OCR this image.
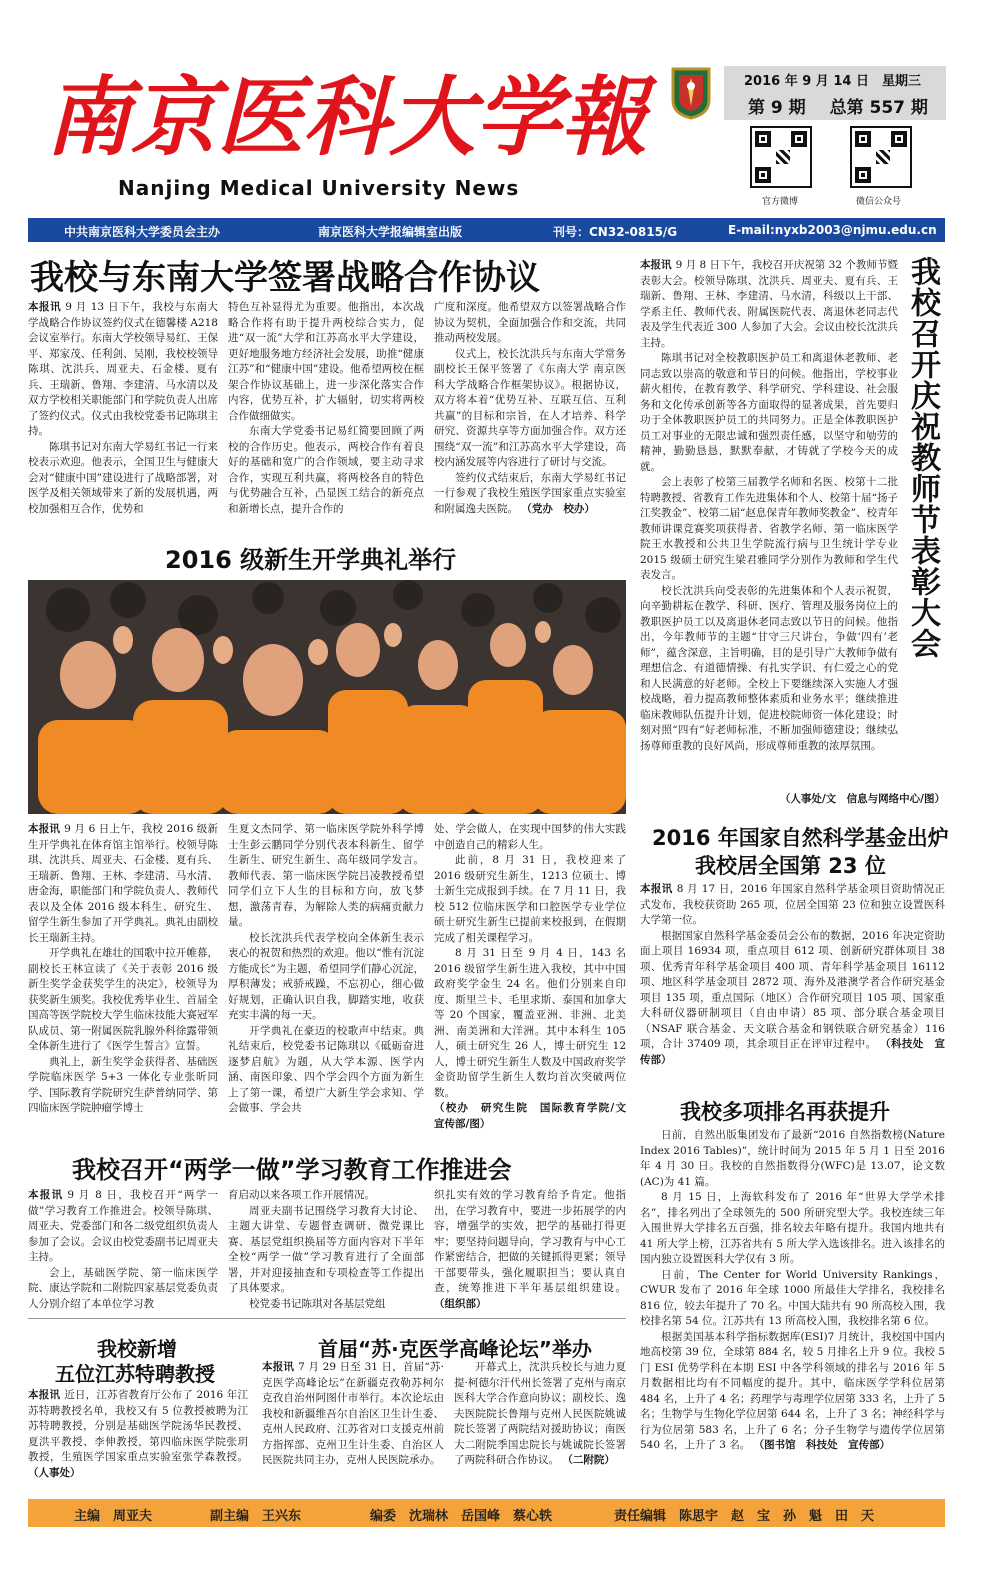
南京医科大学報
Nanjing Medical University News
2016 年 9 月 14 日　星期三
第 9 期 总第 557 期
官方微博	微信公众号
中共南京医科大学委员会主办	南京医科大学报编辑室出版	刊号：CN32-0815/G	E-mail:nyxb2003@njmu.edu.cn
我校与东南大学签署战略合作协议

本报讯 9 月 13 日下午，我校与东南大学战略合作协议签约仪式在德馨楼 A218 会议室举行。东南大学校领导易红、王保平、郑家茂、任利剑、吴刚，我校校领导陈琪、沈洪兵、周亚夫、石金楼、夏有兵、王瑞新、鲁翔、李建清、马水清以及双方学校相关职能部门和学院负责人出席了签约仪式。仪式由我校党委书记陈琪主持。

陈琪书记对东南大学易红书记一行来校表示欢迎。他表示，全国卫生与健康大会对“健康中国”建设进行了战略部署，对医学及相关领域带来了新的发展机遇，两校加强相互合作，优势和

特色互补显得尤为重要。他指出，本次战略合作将有助于提升两校综合实力，促进“双一流”大学和江苏高水平大学建设，更好地服务地方经济社会发展，助推“健康江苏”和“健康中国”建设。他希望两校在框架合作协议基础上，进一步深化落实合作内容，优势互补，扩大辐射，切实将两校合作做细做实。

东南大学党委书记易红简要回顾了两校的合作历史。他表示，两校合作有着良好的基础和宽广的合作领域，要主动寻求合作，实现互利共赢，将两校各自的特色与优势融合互补，凸显医工结合的新亮点和新增长点，提升合作的

广度和深度。他希望双方以签署战略合作协议为契机，全面加强合作和交流，共同推动两校发展。

仪式上，校长沈洪兵与东南大学常务副校长王保平签署了《东南大学 南京医科大学战略合作框架协议》。根据协议，双方将本着“优势互补、互联互信、互利共赢”的目标和宗旨，在人才培养、科学研究、资源共享等方面加强合作。双方还围绕“双一流”和江苏高水平大学建设，高校内涵发展等内容进行了研讨与交流。

签约仪式结束后，东南大学易红书记一行参观了我校生殖医学国家重点实验室和附属逸夫医院。 （党办　校办）

2016 级新生开学典礼举行

本报讯 9 月 6 日上午，我校 2016 级新生开学典礼在体育馆主馆举行。校领导陈琪、沈洪兵、周亚夫、石金楼、夏有兵、王瑞新、鲁翔、王林、李建清、马水清、唐金海，职能部门和学院负责人、教师代表以及全体 2016 级本科生、研究生、留学生新生参加了开学典礼。典礼由副校长王瑞新主持。

开学典礼在雄壮的国歌中拉开帷幕，副校长王林宣读了《关于表彰 2016 级新生奖学金获奖学生的决定》，校领导为获奖新生颁奖。我校优秀毕业生、首届全国高等医学院校大学生临床技能大赛冠军队成员、第一附属医院乳腺外科徐露带领全体新生进行了《医学生誓言》宣誓。

典礼上，新生奖学金获得者、基础医学院临床医学 5+3 一体化专业张昕同学、国际教育学院研究生萨普纳同学、第四临床医学院肿瘤学博士

生夏文杰同学、第一临床医学院外科学博士生彭云鹏同学分别代表本科新生、留学生新生、研究生新生、高年级同学发言。教师代表、第一临床医学院吕凌教授希望同学们立下人生的目标和方向，放飞梦想，激荡青春，为解除人类的病痛贡献力量。

校长沈洪兵代表学校向全体新生表示衷心的祝贺和热烈的欢迎。他以“惟有沉淀　方能成长”为主题，希望同学们静心沉淀，厚积薄发；戒骄戒躁，不忘初心，细心做好规划，正确认识自我，脚踏实地，收获充实丰满的每一天。

开学典礼在豪迈的校歌声中结束。典礼结束后，校党委书记陈琪以《砥砺奋进　逐梦启航》为题，从大学本源、医学内涵、南医印象、四个学会四个方面为新生上了第一课，希望广大新生学会求知、学会做事、学会共

处、学会做人，在实现中国梦的伟大实践中创造自己的精彩人生。

此前，8 月 31 日，我校迎来了 2016 级研究生新生，1213 位硕士、博士新生完成报到手续。在 7 月 11 日，我校 512 位临床医学和口腔医学专业学位硕士研究生新生已提前来校报到，在假期完成了相关课程学习。

8 月 31 日至 9 月 4 日，143 名 2016 级留学生新生进入我校，其中中国政府奖学金生 24 名。他们分别来自印度、斯里兰卡、毛里求斯、泰国和加拿大等 20 个国家，覆盖亚洲、非洲、北美洲、南美洲和大洋洲。其中本科生 105 人，硕士研究生 26 人，博士研究生 12 人，博士研究生新生人数及中国政府奖学金资助留学生新生人数均首次突破两位数。

（校办　研究生院　国际教育学院/文　宣传部/图）

我校召开“两学一做”学习教育工作推进会

本报讯 9 月 8 日，我校召开“两学一做”学习教育工作推进会。校领导陈琪、周亚夫、党委部门和各二级党组织负责人参加了会议。会议由校党委副书记周亚夫主持。

会上，基础医学院、第一临床医学院、康达学院和二附院四家基层党委负责人分别介绍了本单位学习教

育启动以来各项工作开展情况。

周亚夫副书记围绕学习教育大讨论、主题大讲堂、专题督查调研、微党课比赛、基层党组织换届等方面内容对下半年全校“两学一做”学习教育进行了全面部署，并对迎接抽查和专项检查等工作提出了具体要求。

校党委书记陈琪对各基层党组

织扎实有效的学习教育给予肯定。他指出，在学习教育中，要进一步拓展学的内容，增强学的实效，把学的基础打得更牢；要坚持问题导向，学习教育与中心工作紧密结合，把做的关键抓得更紧；领导干部要带头，强化履职担当；要认真自查，统筹推进下半年基层组织建设。 （组织部）

我校新增
五位江苏特聘教授

本报讯 近日，江苏省教育厅公布了 2016 年江苏特聘教授名单，我校又有 5 位教授被聘为江苏特聘教授，分别是基础医学院汤华民教授、夏洪平教授、李伸教授，第四临床医学院张玥教授，生殖医学国家重点实验室张学森教授。 （人事处）

首届“苏·克医学高峰论坛”举办

本报讯 7 月 29 日至 31 日，首届“苏·克医学高峰论坛”在新疆克孜勒苏柯尔克孜自治州阿图什市举行。本次论坛由我校和新疆维吾尔自治区卫生计生委、克州人民政府、江苏省对口支援克州前方指挥部、克州卫生计生委、自治区人民医院共同主办，克州人民医院承办。

开幕式上，沈洪兵校长与迪力夏提·柯德尔汗代州长签署了克州与南京医科大学合作意向协议；副校长、逸夫医院院长鲁翔与克州人民医院姚诚院长签署了两院结对援助协议；南医大二附院季国忠院长与姚诚院长签署了两院科研合作协议。 （二附院）

本报讯 9 月 8 日下午，我校召开庆祝第 32 个教师节暨表彰大会。校领导陈琪、沈洪兵、周亚夫、夏有兵、王瑞新、鲁翔、王林、李建清、马水清，科级以上干部、学系主任、教师代表、附属医院代表、离退休老同志代表及学生代表近 300 人参加了大会。会议由校长沈洪兵主持。

陈琪书记对全校教职医护员工和离退休老教师、老同志致以崇高的敬意和节日的问候。他指出，学校事业薪火相传，在教育教学、科学研究、学科建设、社会服务和文化传承创新等各方面取得的显著成果，首先要归功于全体教职医护员工的共同努力。正是全体教职医护员工对事业的无限忠诚和强烈责任感，以坚守和劬劳的精神，勤勤恳恳，默默奉献，才铸就了学校今天的成就。

会上表彰了校第三届教学名师和名医、校第十二批特聘教授、省教育工作先进集体和个人、校第十届“扬子江奖教金”、校第二届“赵息保青年教师奖教金”、校青年教师讲课竞赛奖项获得者、省教学名师、第一临床医学院王水教授和公共卫生学院流行病与卫生统计学专业 2015 级硕士研究生梁君雅同学分别作为教师和学生代表发言。

校长沈洪兵向受表彰的先进集体和个人表示祝贺，向辛勤耕耘在教学、科研、医疗、管理及服务岗位上的教职医护员工以及离退休老同志致以节日的问候。他指出，今年教师节的主题“甘守三尺讲台，争做‘四有’老师”，蕴含深意，主旨明确，目的是引导广大教师争做有理想信念、有道德情操、有扎实学识、有仁爱之心的党和人民满意的好老师。全校上下要继续深入实施人才强校战略，着力提高教师整体素质和业务水平；继续推进临床教师队伍提升计划，促进校院师资一体化建设；时刻对照“四有”好老师标准，不断加强师德建设；继续弘扬尊师重教的良好风尚，形成尊师重教的浓厚氛围。

我校召开庆祝教师节表彰大会
（人事处/文　信息与网络中心/图）
2016 年国家自然科学基金出炉
我校居全国第 23 位

本报讯 8 月 17 日，2016 年国家自然科学基金项目资助情况正式发布，我校获资助 265 项，位居全国第 23 位和独立设置医科大学第一位。

根据国家自然科学基金委员会公布的数据，2016 年决定资助面上项目 16934 项，重点项目 612 项、创新研究群体项目 38 项、优秀青年科学基金项目 400 项、青年科学基金项目 16112 项、地区科学基金项目 2872 项、海外及港澳学者合作研究基金项目 135 项，重点国际（地区）合作研究项目 105 项、国家重大科研仪器研制项目（自由申请）85 项、部分联合基金项目（NSAF 联合基金、天文联合基金和钢铁联合研究基金）116 项，合计 37409 项，其余项目正在评审过程中。 （科技处　宣传部）

我校多项排名再获提升

日前，自然出版集团发布了最新“2016 自然指数榜(Nature Index 2016 Tables)”，统计时间为 2015 年 5 月 1 日至 2016 年 4 月 30 日。我校的自然指数得分(WFC)是 13.07，论文数(AC)为 41 篇。

8 月 15 日，上海软科发布了 2016 年“世界大学学术排名”，排名列出了全球领先的 500 所研究型大学。我校连续三年入围世界大学排名五百强，排名较去年略有提升。我国内地共有 41 所大学上榜，江苏省共有 5 所大学入选该排名。进入该排名的国内独立设置医科大学仅有 3 所。

日前，The Center for World University Rankings，CWUR 发布了 2016 年全球 1000 所最佳大学排名，我校排名 816 位，较去年提升了 70 名。中国大陆共有 90 所高校入围，我校排名第 54 位。江苏共有 13 所高校入围，我校排名第 6 位。

根据美国基本科学指标数据库(ESI)7 月统计，我校国中国内地高校第 39 位，全球第 884 名，较 5 月排名上升 9 位。我校 5 门 ESI 优势学科在本期 ESI 中各学科领域的排名与 2016 年 5 月数据相比均有不同幅度的提升。其中，临床医学学科位居第 484 名，上升了 4 名；药理学与毒理学位居第 333 名，上升了 5 名；生物学与生物化学位居第 644 名，上升了 3 名；神经科学与行为位居第 583 名，上升了 6 名；分子生物学与遗传学位居第 540 名，上升了 3 名。 （图书馆　科技处　宣传部）

主编　周亚夫	副主编　王兴东	编委　沈瑞林　岳国峰　蔡心轶	责任编辑　陈思宇　赵　宝　孙　魁　田　天
